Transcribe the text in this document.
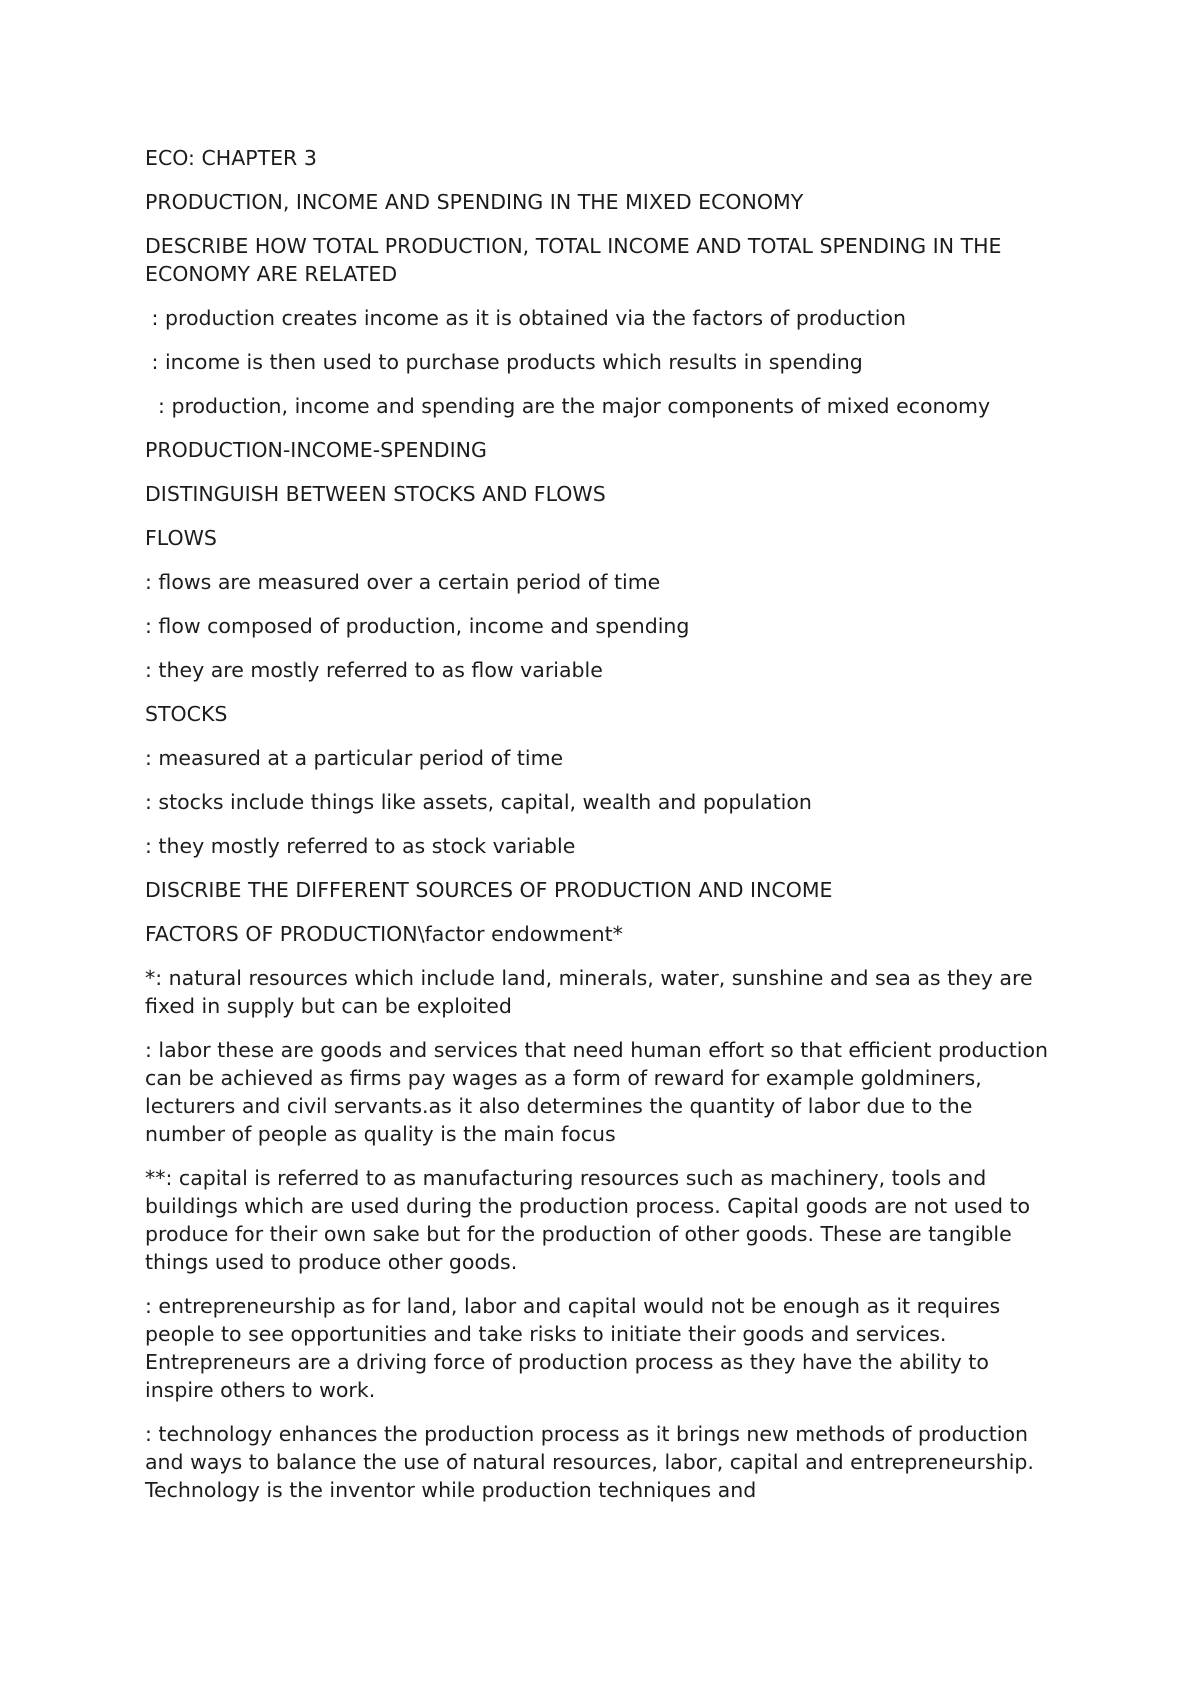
ECO: CHAPTER 3

PRODUCTION, INCOME AND SPENDING IN THE MIXED ECONOMY

DESCRIBE HOW TOTAL PRODUCTION, TOTAL INCOME AND TOTAL SPENDING IN THE ECONOMY ARE RELATED

: production creates income as it is obtained via the factors of production

: income is then used to purchase products which results in spending

: production, income and spending are the major components of mixed economy

PRODUCTION-INCOME-SPENDING

DISTINGUISH BETWEEN STOCKS AND FLOWS

FLOWS

: flows are measured over a certain period of time

: flow composed of production, income and spending

: they are mostly referred to as flow variable

STOCKS

: measured at a particular period of time

: stocks include things like assets, capital, wealth and population

: they mostly referred to as stock variable

DISCRIBE THE DIFFERENT SOURCES OF PRODUCTION AND INCOME

FACTORS OF PRODUCTION\factor endowment*

*: natural resources which include land, minerals, water, sunshine and sea as they are fixed in supply but can be exploited

: labor these are goods and services that need human effort so that efficient production can be achieved as firms pay wages as a form of reward for example goldminers, lecturers and civil servants.as it also determines the quantity of labor due to the number of people as quality is the main focus

**: capital is referred to as manufacturing resources such as machinery, tools and buildings which are used during the production process. Capital goods are not used to produce for their own sake but for the production of other goods. These are tangible things used to produce other goods.

: entrepreneurship as for land, labor and capital would not be enough as it requires people to see opportunities and take risks to initiate their goods and services. Entrepreneurs are a driving force of production process as they have the ability to inspire others to work.

: technology enhances the production process as it brings new methods of production and ways to balance the use of natural resources, labor, capital and entrepreneurship. Technology is the inventor while production techniques and
